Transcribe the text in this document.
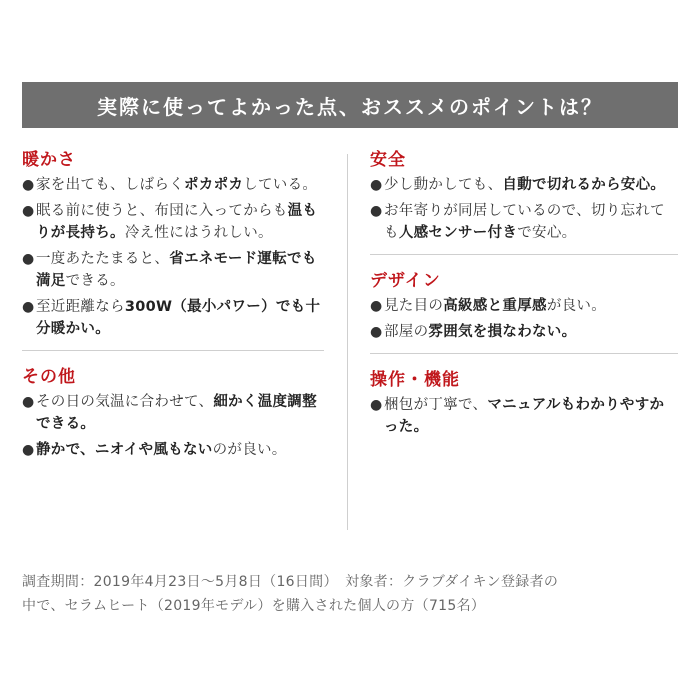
実際に使ってよかった点、おススメのポイントは？
暖かさ
● 家を出ても、しばらくポカポカしている。
● 眠る前に使うと、布団に入ってからも温もりが長持ち。冷え性にはうれしい。
● 一度あたたまると、省エネモード運転でも満足できる。
● 至近距離なら300W（最小パワー）でも十分暖かい。
その他
● その日の気温に合わせて、細かく温度調整できる。
● 静かで、ニオイや風もないのが良い。
安全
● 少し動かしても、自動で切れるから安心。
● お年寄りが同居しているので、切り忘れても人感センサー付きで安心。
デザイン
● 見た目の高級感と重厚感が良い。
● 部屋の雰囲気を損なわない。
操作・機能
● 梱包が丁寧で、マニュアルもわかりやすかった。
調査期間：2019年4月23日～5月8日（16日間）　対象者：クラブダイキン登録者の
中で、セラムヒート（2019年モデル）を購入された個人の方（715名）
